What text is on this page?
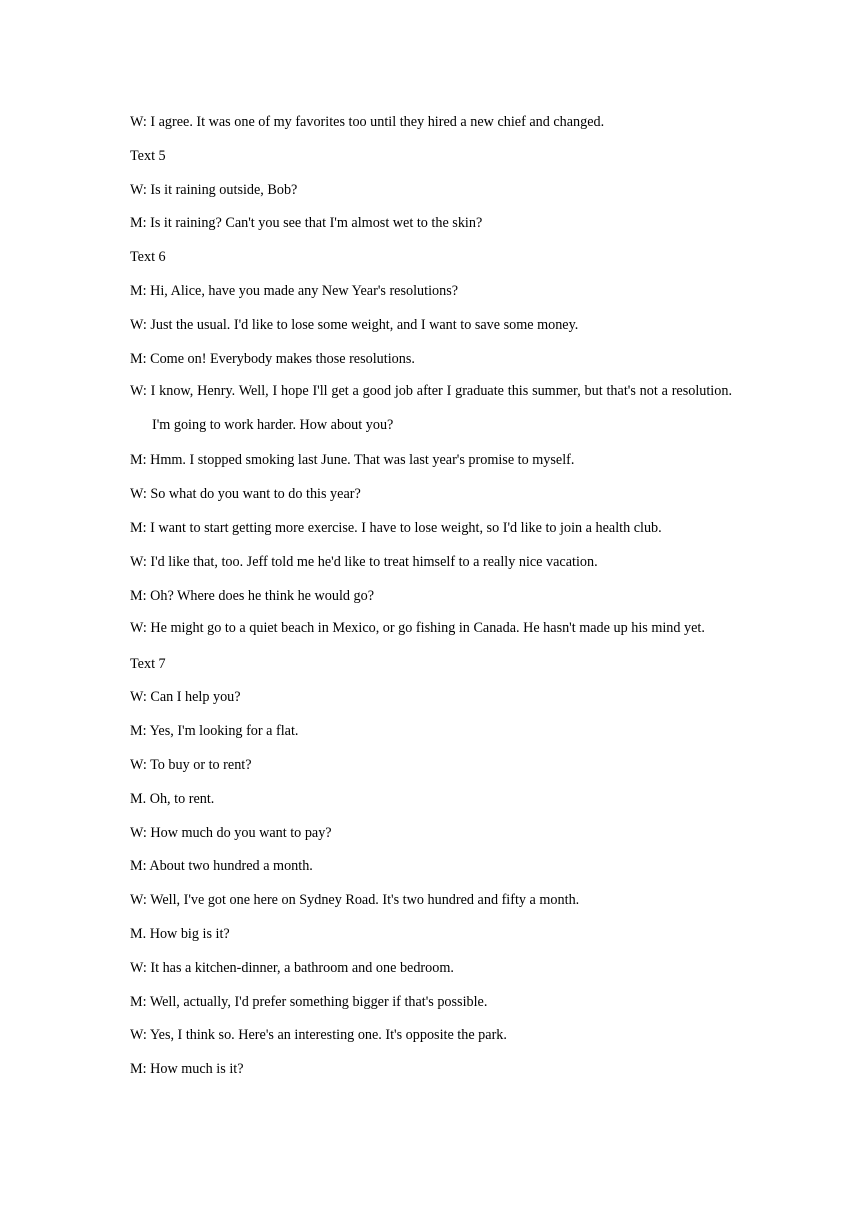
W: I agree. It was one of my favorites too until they hired a new chief and changed.

Text 5

W: Is it raining outside, Bob?

M: Is it raining? Can't you see that I'm almost wet to the skin?

Text 6

M: Hi, Alice, have you made any New Year's resolutions?

W: Just the usual. I'd like to lose some weight, and I want to save some money.

M: Come on! Everybody makes those resolutions.

W: I know, Henry. Well, I hope I'll get a good job after I graduate this summer, but that's not a resolution. I'm going to work harder. How about you?

M: Hmm. I stopped smoking last June. That was last year's promise to myself.

W: So what do you want to do this year?

M: I want to start getting more exercise. I have to lose weight, so I'd like to join a health club.

W: I'd like that, too. Jeff told me he'd like to treat himself to a really nice vacation.

M: Oh? Where does he think he would go?

W: He might go to a quiet beach in Mexico, or go fishing in Canada. He hasn't made up his mind yet.

Text 7

W: Can I help you?

M: Yes, I'm looking for a flat.

W: To buy or to rent?

M. Oh, to rent.

W: How much do you want to pay?

M: About two hundred a month.

W: Well, I've got one here on Sydney Road. It's two hundred and fifty a month.

M. How big is it?

W: It has a kitchen-dinner, a bathroom and one bedroom.

M: Well, actually, I'd prefer something bigger if that's possible.

W: Yes, I think so. Here's an interesting one. It's opposite the park.

M: How much is it?
